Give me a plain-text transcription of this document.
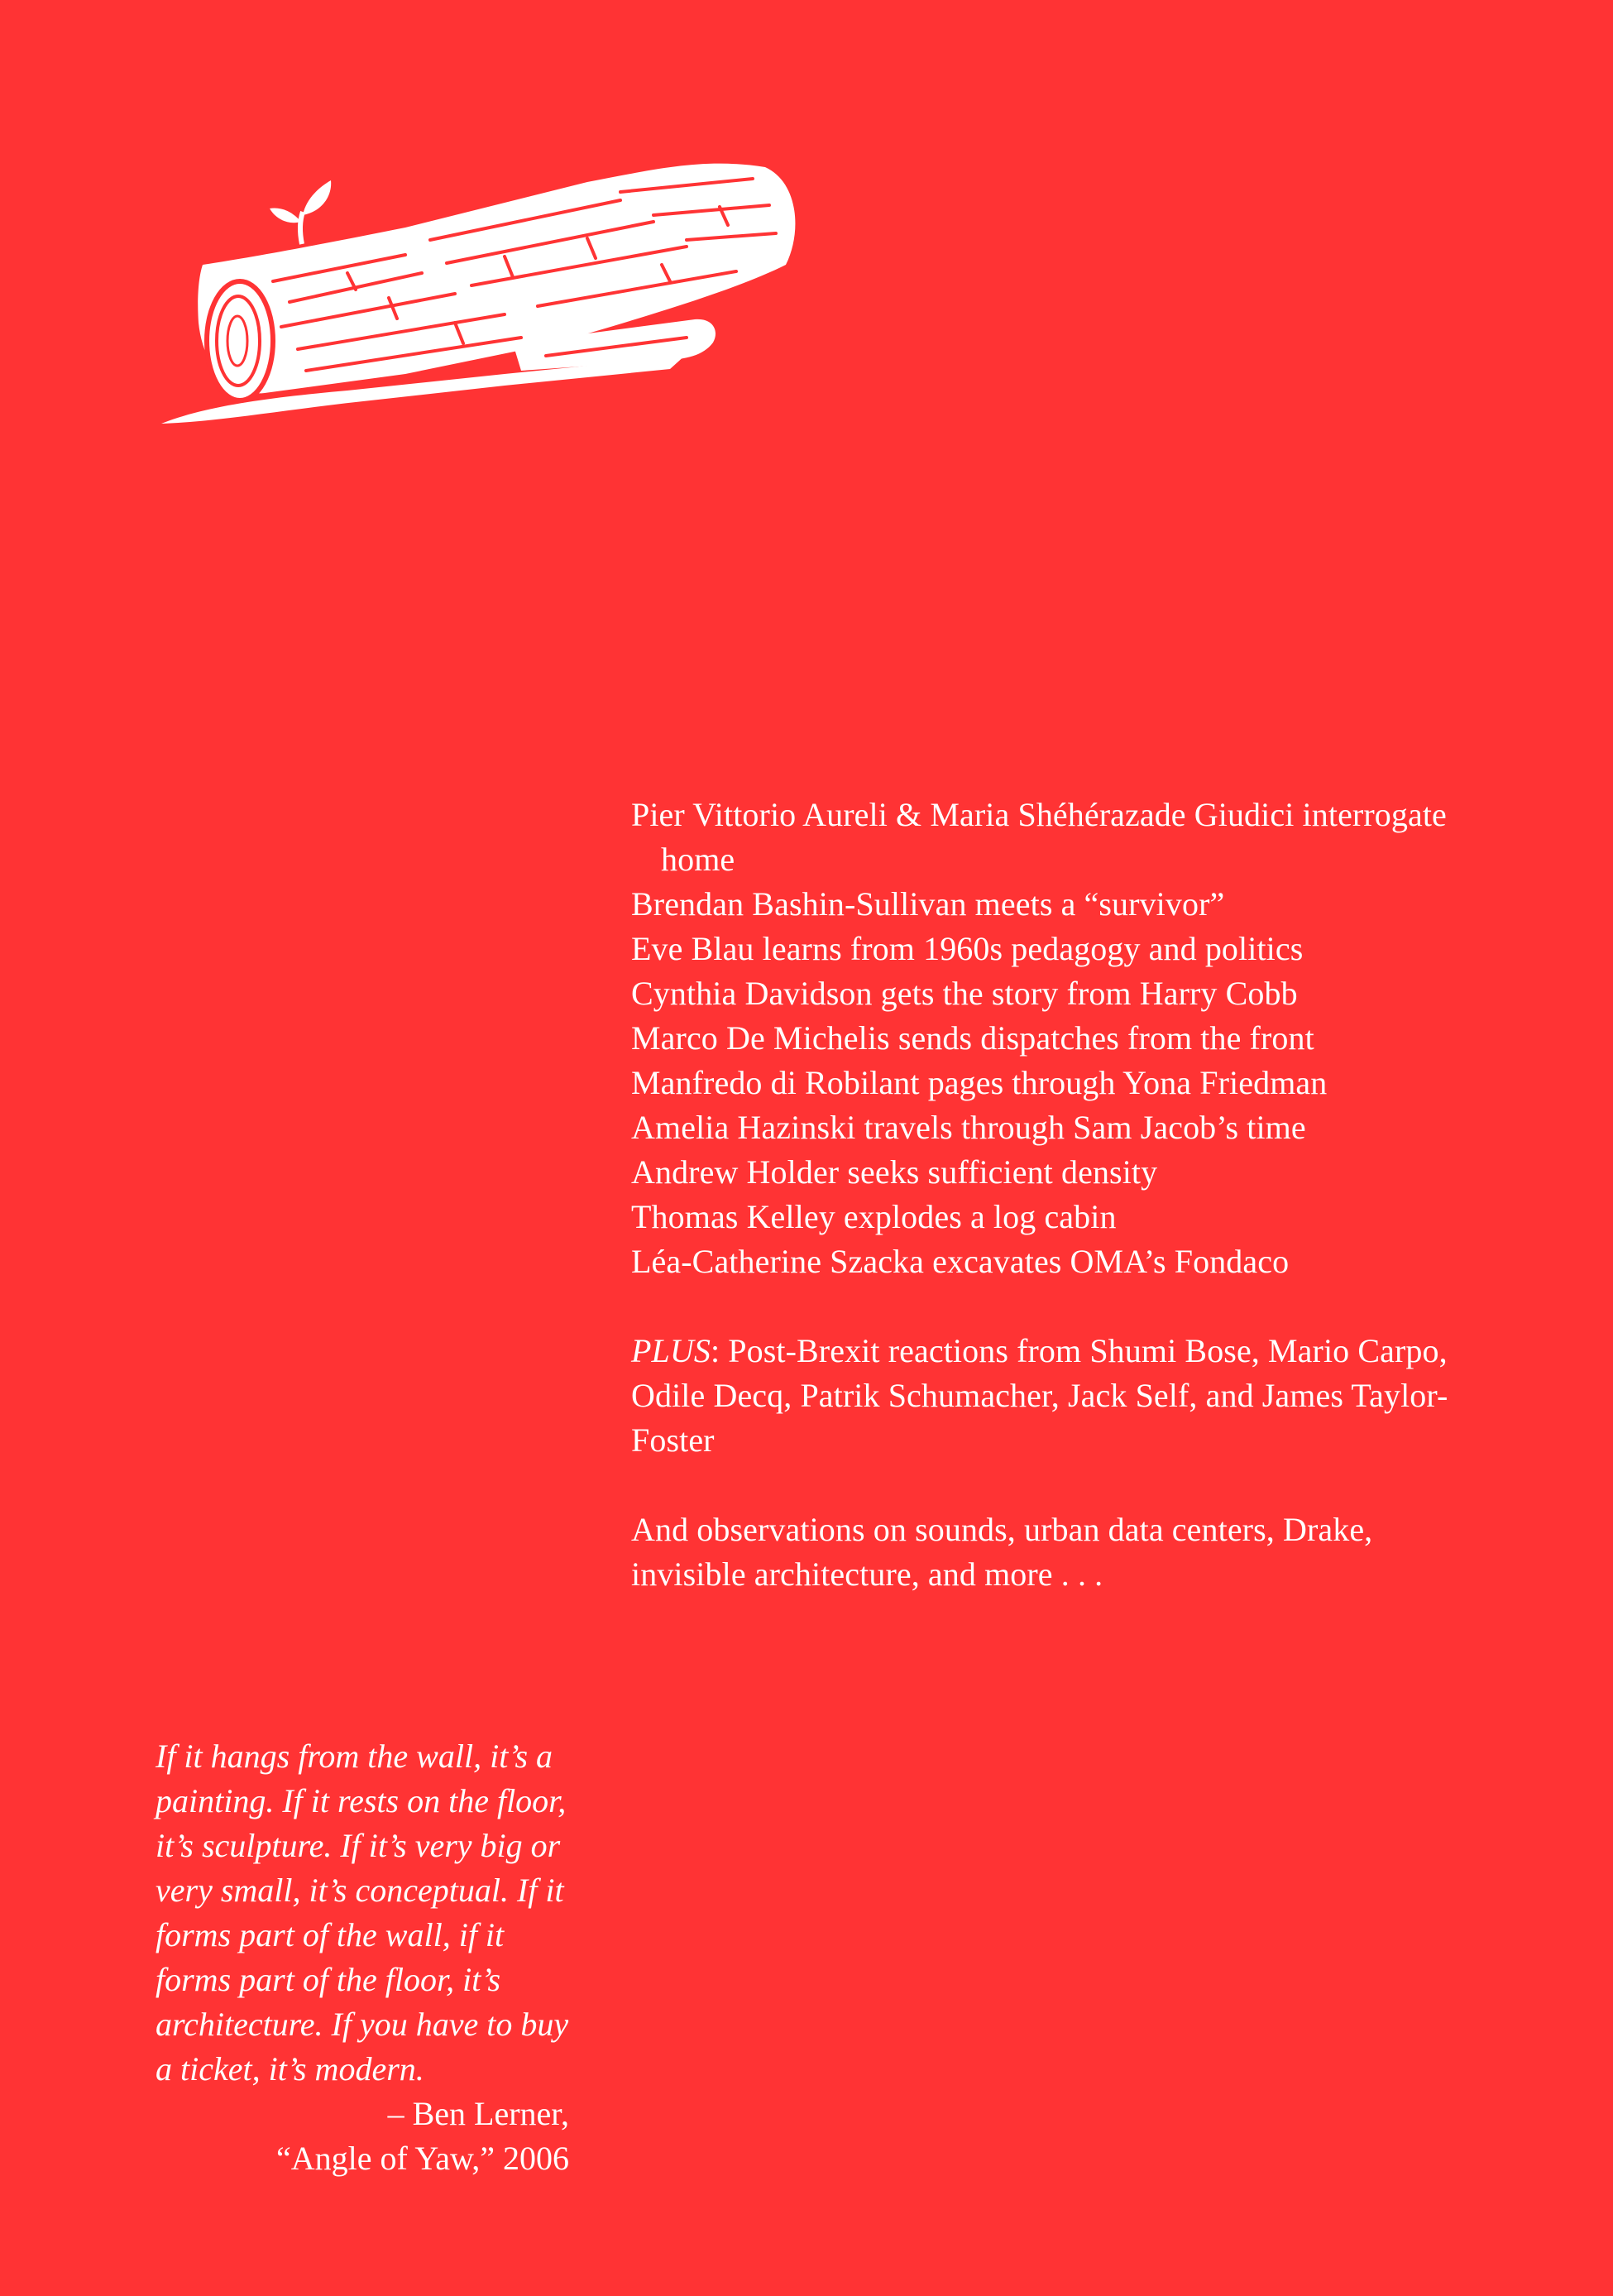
Pier Vittorio Aureli & Maria Shéhérazade Giudici interrogate home
Brendan Bashin-Sullivan meets a “survivor”
Eve Blau learns from 1960s pedagogy and politics
Cynthia Davidson gets the story from Harry Cobb
Marco De Michelis sends dispatches from the front
Manfredo di Robilant pages through Yona Friedman
Amelia Hazinski travels through Sam Jacob’s time
Andrew Holder seeks sufficient density
Thomas Kelley explodes a log cabin
Léa-Catherine Szacka excavates OMA’s Fondaco

PLUS: Post-Brexit reactions from Shumi Bose, Mario Carpo, Odile Decq, Patrik Schumacher, Jack Self, and James Taylor-Foster

And observations on sounds, urban data centers, Drake, invisible architecture, and more . . .

If it hangs from the wall, it’s a painting. If it rests on the floor, it’s sculpture. If it’s very big or very small, it’s conceptual. If it forms part of the wall, if it forms part of the floor, it’s architecture. If you have to buy a ticket, it’s modern.

– Ben Lerner,

“Angle of Yaw,” 2006
